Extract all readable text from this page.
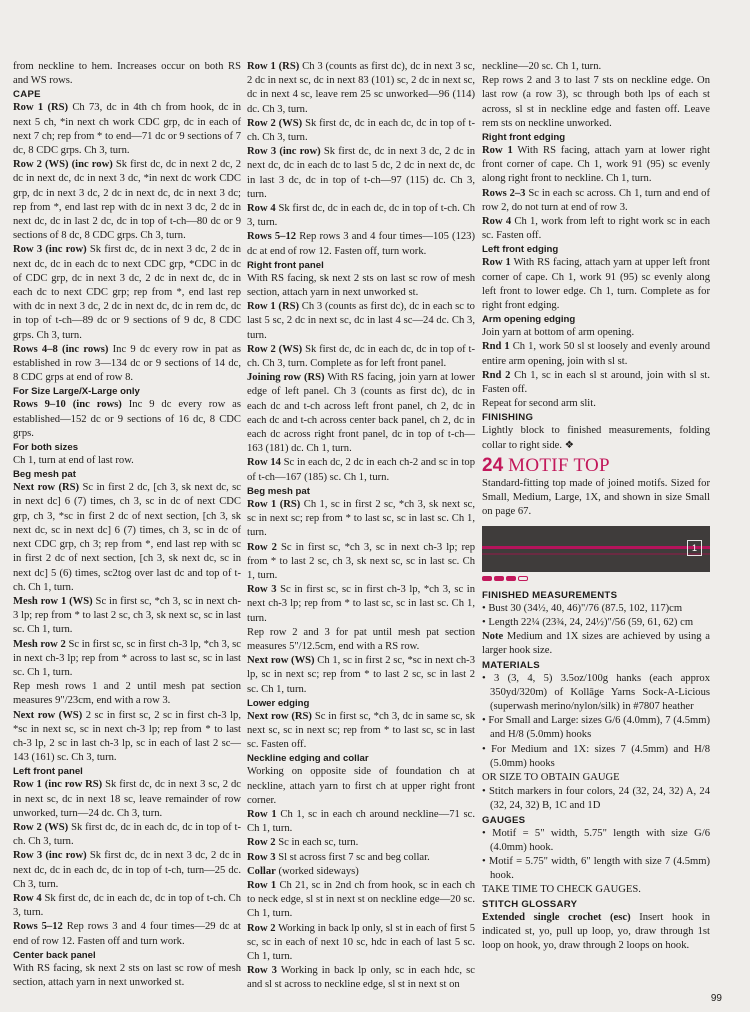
from neckline to hem. Increases occur on both RS and WS rows.

CAPE

Row 1 (RS) Ch 73, dc in 4th ch from hook, dc in next 5 ch, *in next ch work CDC grp, dc in each of next 7 ch; rep from * to end—71 dc or 9 sections of 7 dc, 8 CDC grps. Ch 3, turn.

Row 2 (WS) (inc row) Sk first dc, dc in next 2 dc, 2 dc in next dc, dc in next 3 dc, *in next dc work CDC grp, dc in next 3 dc, 2 dc in next dc, dc in next 3 dc; rep from *, end last rep with dc in next 3 dc, 2 dc in next dc, dc in last 2 dc, dc in top of t-ch—80 dc or 9 sections of 8 dc, 8 CDC grps. Ch 3, turn.

Row 3 (inc row) Sk first dc, dc in next 3 dc, 2 dc in next dc, dc in each dc to next CDC grp, *CDC in dc of CDC grp, dc in next 3 dc, 2 dc in next dc, dc in each dc to next CDC grp; rep from *, end last rep with dc in next 3 dc, 2 dc in next dc, dc in rem dc, dc in top of t-ch—89 dc or 9 sections of 9 dc, 8 CDC grps. Ch 3, turn.

Rows 4–8 (inc rows) Inc 9 dc every row in pat as established in row 3—134 dc or 9 sections of 14 dc, 8 CDC grps at end of row 8.

For Size Large/X-Large only

Rows 9–10 (inc rows) Inc 9 dc every row as established—152 dc or 9 sections of 16 dc, 8 CDC grps.

For both sizes

Ch 1, turn at end of last row.

Beg mesh pat

Next row (RS) Sc in first 2 dc, [ch 3, sk next dc, sc in next dc] 6 (7) times, ch 3, sc in dc of next CDC grp, ch 3, *sc in first 2 dc of next section, [ch 3, sk next dc, sc in next dc] 6 (7) times, ch 3, sc in dc of next CDC grp, ch 3; rep from *, end last rep with sc in first 2 dc of next section, [ch 3, sk next dc, sc in next dc] 5 (6) times, sc2tog over last dc and top of t-ch. Ch 1, turn.

Mesh row 1 (WS) Sc in first sc, *ch 3, sc in next ch-3 lp; rep from * to last 2 sc, ch 3, sk next sc, sc in last sc. Ch 1, turn.

Mesh row 2 Sc in first sc, sc in first ch-3 lp, *ch 3, sc in next ch-3 lp; rep from * across to last sc, sc in last sc. Ch 1, turn.

Rep mesh rows 1 and 2 until mesh pat section measures 9"/23cm, end with a row 3.

Next row (WS) 2 sc in first sc, 2 sc in first ch-3 lp, *sc in next sc, sc in next ch-3 lp; rep from * to last ch-3 lp, 2 sc in last ch-3 lp, sc in each of last 2 sc—143 (161) sc. Ch 3, turn.

Left front panel

Row 1 (inc row RS) Sk first dc, dc in next 3 sc, 2 dc in next sc, dc in next 18 sc, leave remainder of row unworked, turn—24 dc. Ch 3, turn.

Row 2 (WS) Sk first dc, dc in each dc, dc in top of t-ch. Ch 3, turn.

Row 3 (inc row) Sk first dc, dc in next 3 dc, 2 dc in next dc, dc in each dc, dc in top of t-ch, turn—25 dc. Ch 3, turn.

Row 4 Sk first dc, dc in each dc, dc in top of t-ch. Ch 3, turn.

Rows 5–12 Rep rows 3 and 4 four times—29 dc at end of row 12. Fasten off and turn work.

Center back panel

With RS facing, sk next 2 sts on last sc row of mesh section, attach yarn in next unworked st.

Row 1 (RS) Ch 3 (counts as first dc), dc in next 3 sc, 2 dc in next sc, dc in next 83 (101) sc, 2 dc in next sc, dc in next 4 sc, leave rem 25 sc unworked—96 (114) dc. Ch 3, turn.

Row 2 (WS) Sk first dc, dc in each dc, dc in top of t-ch. Ch 3, turn.

Row 3 (inc row) Sk first dc, dc in next 3 dc, 2 dc in next dc, dc in each dc to last 5 dc, 2 dc in next dc, dc in last 3 dc, dc in top of t-ch—97 (115) dc. Ch 3, turn.

Row 4 Sk first dc, dc in each dc, dc in top of t-ch. Ch 3, turn.

Rows 5–12 Rep rows 3 and 4 four times—105 (123) dc at end of row 12. Fasten off, turn work.

Right front panel

With RS facing, sk next 2 sts on last sc row of mesh section, attach yarn in next unworked st.

Row 1 (RS) Ch 3 (counts as first dc), dc in each sc to last 5 sc, 2 dc in next sc, dc in last 4 sc—24 dc. Ch 3, turn.

Row 2 (WS) Sk first dc, dc in each dc, dc in top of t-ch. Ch 3, turn. Complete as for left front panel.

Joining row (RS) With RS facing, join yarn at lower edge of left panel. Ch 3 (counts as first dc), dc in each dc and t-ch across left front panel, ch 2, dc in each dc and t-ch across center back panel, ch 2, dc in each dc across right front panel, dc in top of t-ch—163 (181) dc. Ch 1, turn.

Row 14 Sc in each dc, 2 dc in each ch-2 and sc in top of t-ch—167 (185) sc. Ch 1, turn.

Beg mesh pat

Row 1 (RS) Ch 1, sc in first 2 sc, *ch 3, sk next sc, sc in next sc; rep from * to last sc, sc in last sc. Ch 1, turn.

Row 2 Sc in first sc, *ch 3, sc in next ch-3 lp; rep from * to last 2 sc, ch 3, sk next sc, sc in last sc. Ch 1, turn.

Row 3 Sc in first sc, sc in first ch-3 lp, *ch 3, sc in next ch-3 lp; rep from * to last sc, sc in last sc. Ch 1, turn.

Rep row 2 and 3 for pat until mesh pat section measures 5"/12.5cm, end with a RS row.

Next row (WS) Ch 1, sc in first 2 sc, *sc in next ch-3 lp, sc in next sc; rep from * to last 2 sc, sc in last 2 sc. Ch 1, turn.

Lower edging

Next row (RS) Sc in first sc, *ch 3, dc in same sc, sk next sc, sc in next sc; rep from * to last sc, sc in last sc. Fasten off.

Neckline edging and collar

Working on opposite side of foundation ch at neckline, attach yarn to first ch at upper right front corner.

Row 1 Ch 1, sc in each ch around neckline—71 sc. Ch 1, turn.

Row 2 Sc in each sc, turn.

Row 3 Sl st across first 7 sc and beg collar.

Collar (worked sideways)

Row 1 Ch 21, sc in 2nd ch from hook, sc in each ch to neck edge, sl st in next st on neckline edge—20 sc. Ch 1, turn.

Row 2 Working in back lp only, sl st in each of first 5 sc, sc in each of next 10 sc, hdc in each of last 5 sc. Ch 1, turn.

Row 3 Working in back lp only, sc in each hdc, sc and sl st across to neckline edge, sl st in next st on

neckline—20 sc. Ch 1, turn.

Rep rows 2 and 3 to last 7 sts on neckline edge. On last row (a row 3), sc through both lps of each st across, sl st in neckline edge and fasten off. Leave rem sts on neckline unworked.

Right front edging

Row 1 With RS facing, attach yarn at lower right front corner of cape. Ch 1, work 91 (95) sc evenly along right front to neckline. Ch 1, turn.

Rows 2–3 Sc in each sc across. Ch 1, turn and end of row 2, do not turn at end of row 3.

Row 4 Ch 1, work from left to right work sc in each sc. Fasten off.

Left front edging

Row 1 With RS facing, attach yarn at upper left front corner of cape. Ch 1, work 91 (95) sc evenly along left front to lower edge. Ch 1, turn. Complete as for right front edging.

Arm opening edging

Join yarn at bottom of arm opening.

Rnd 1 Ch 1, work 50 sl st loosely and evenly around entire arm opening, join with sl st.

Rnd 2 Ch 1, sc in each sl st around, join with sl st. Fasten off.

Repeat for second arm slit.

FINISHING

Lightly block to finished measurements, folding collar to right side. ❖

24 MOTIF TOP

Standard-fitting top made of joined motifs. Sized for Small, Medium, Large, 1X, and shown in size Small on page 67.

1

FINISHED MEASUREMENTS

• Bust 30 (34½, 40, 46)"/76 (87.5, 102, 117)cm

• Length 22¼ (23¾, 24, 24½)"/56 (59, 61, 62) cm

Note Medium and 1X sizes are achieved by using a larger hook size.

MATERIALS

• 3 (3, 4, 5) 3.5oz/100g hanks (each approx 350yd/320m) of Kollāge Yarns Sock-A-Licious (superwash merino/nylon/silk) in #7807 heather

• For Small and Large: sizes G/6 (4.0mm), 7 (4.5mm) and H/8 (5.0mm) hooks

• For Medium and 1X: sizes 7 (4.5mm) and H/8 (5.0mm) hooks

OR SIZE TO OBTAIN GAUGE

• Stitch markers in four colors, 24 (32, 24, 32) A, 24 (32, 24, 32) B, 1C and 1D

GAUGES

• Motif = 5" width, 5.75" length with size G/6 (4.0mm) hook.

• Motif = 5.75" width, 6" length with size 7 (4.5mm) hook.

TAKE TIME TO CHECK GAUGES.

STITCH GLOSSARY

Extended single crochet (esc) Insert hook in indicated st, yo, pull up loop, yo, draw through 1st loop on hook, yo, draw through 2 loops on hook.

99
